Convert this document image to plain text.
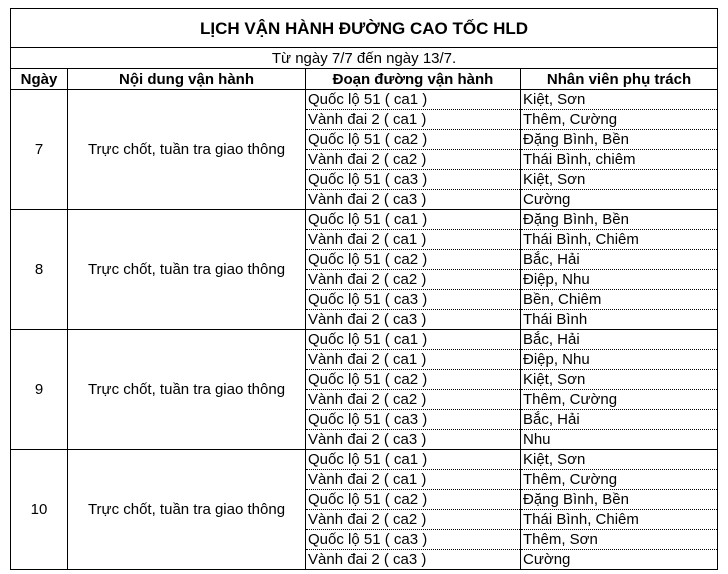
LỊCH VẬN HÀNH ĐƯỜNG CAO TỐC HLD			
Từ ngày 7/7 đến ngày 13/7.			
Ngày	Nội dung vận hành	Đoạn đường vận hành	Nhân viên phụ trách
7	Trực chốt, tuần tra giao thông	Quốc lộ 51 ( ca1 )	Kiệt, Sơn
		Vành đai 2 ( ca1 )	Thêm, Cường
		Quốc lộ 51 ( ca2 )	Đặng Bình, Bền
		Vành đai 2 ( ca2 )	Thái Bình, chiêm
		Quốc lộ 51 ( ca3 )	Kiệt, Sơn
		Vành đai 2 ( ca3 )	Cường
8	Trực chốt, tuần tra giao thông	Quốc lộ 51 ( ca1 )	Đặng Bình, Bền
		Vành đai 2 ( ca1 )	Thái Bình, Chiêm
		Quốc lộ 51 ( ca2 )	Bắc, Hải
		Vành đai 2 ( ca2 )	Điệp, Nhu
		Quốc lộ 51 ( ca3 )	Bền, Chiêm
		Vành đai 2 ( ca3 )	Thái Bình
9	Trực chốt, tuần tra giao thông	Quốc lộ 51 ( ca1 )	Bắc, Hải
		Vành đai 2 ( ca1 )	Điệp, Nhu
		Quốc lộ 51 ( ca2 )	Kiệt, Sơn
		Vành đai 2 ( ca2 )	Thêm, Cường
		Quốc lộ 51 ( ca3 )	Bắc, Hải
		Vành đai 2 ( ca3 )	Nhu
10	Trực chốt, tuần tra giao thông	Quốc lộ 51 ( ca1 )	Kiệt, Sơn
		Vành đai 2 ( ca1 )	Thêm, Cường
		Quốc lộ 51 ( ca2 )	Đặng Bình, Bền
		Vành đai 2 ( ca2 )	Thái Bình, Chiêm
		Quốc lộ 51 ( ca3 )	Thêm, Sơn
		Vành đai 2 ( ca3 )	Cường
